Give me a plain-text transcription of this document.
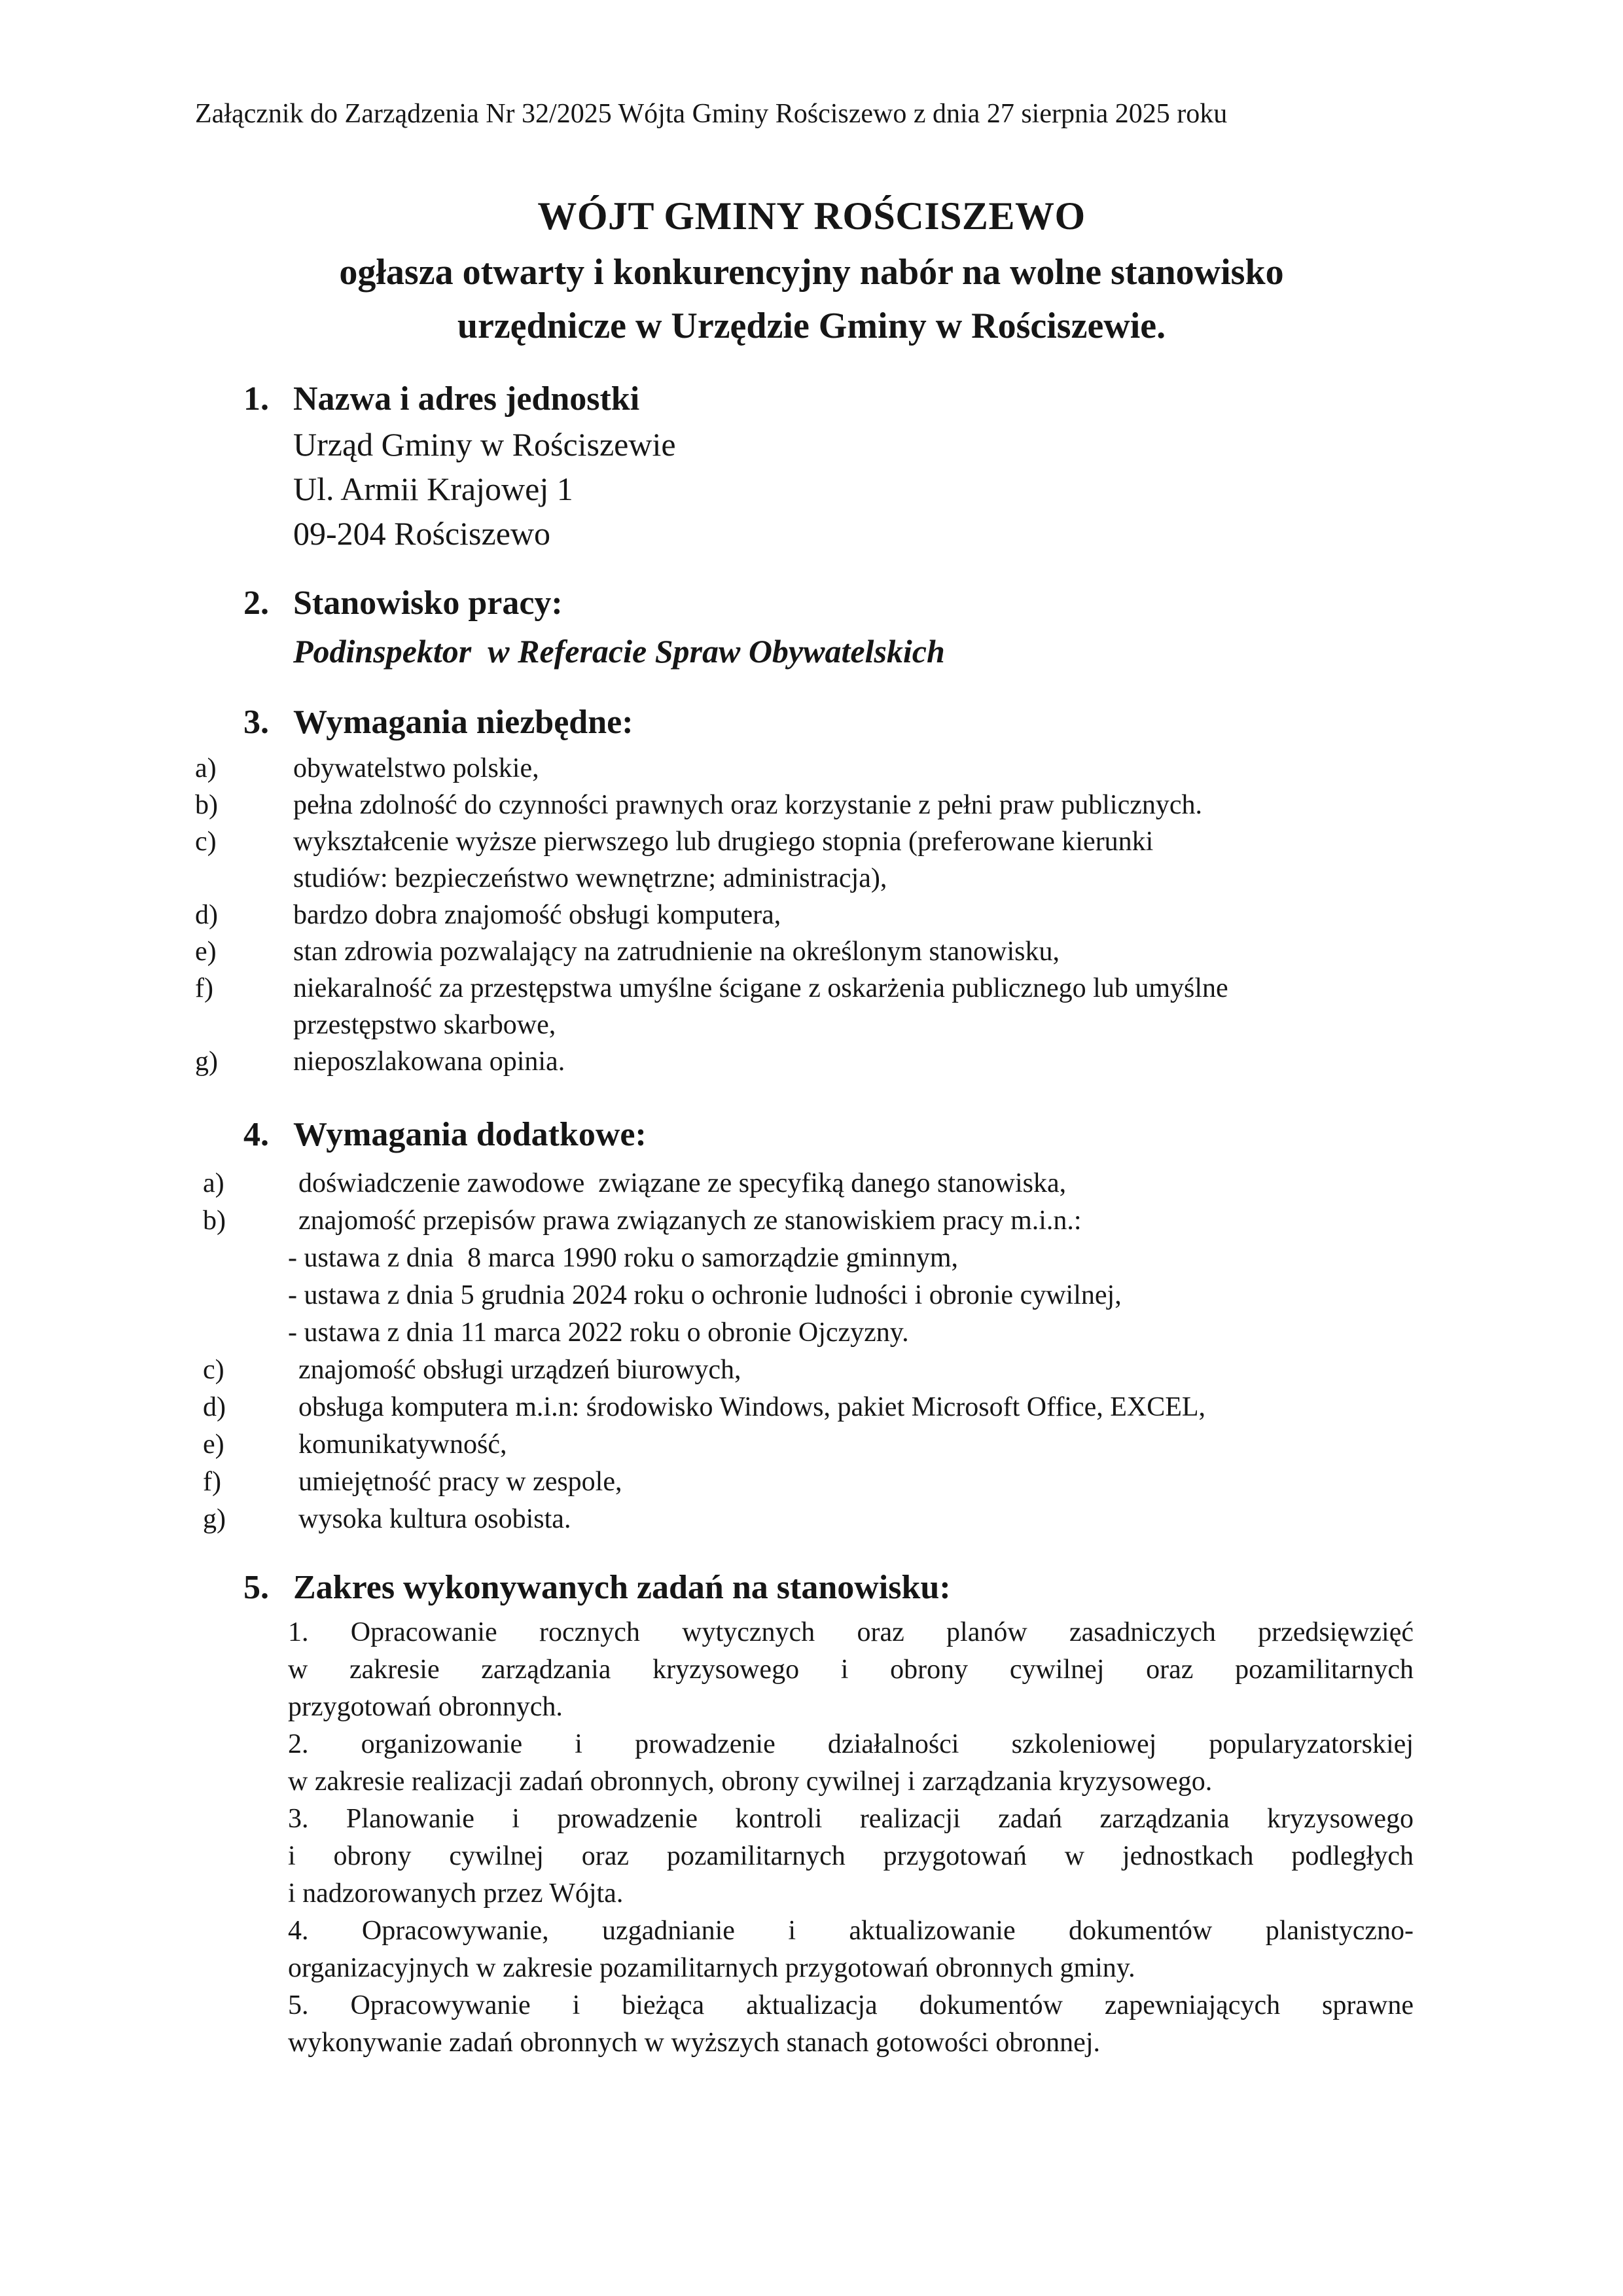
Załącznik do Zarządzenia Nr 32/2025 Wójta Gminy Rościszewo z dnia 27 sierpnia 2025 roku
WÓJT GMINY ROŚCISZEWO
ogłasza otwarty i konkurencyjny nabór na wolne stanowisko
urzędnicze w Urzędzie Gminy w Rościszewie.
1. Nazwa i adres jednostki
Urząd Gminy w Rościszewie
Ul. Armii Krajowej 1
09-204 Rościszewo
2. Stanowisko pracy:
Podinspektor  w Referacie Spraw Obywatelskich
3. Wymagania niezbędne:
a)	obywatelstwo polskie,
b)	pełna zdolność do czynności prawnych oraz korzystanie z pełni praw publicznych.
c)	wykształcenie wyższe pierwszego lub drugiego stopnia (preferowane kierunki
studiów: bezpieczeństwo wewnętrzne; administracja),
d)	bardzo dobra znajomość obsługi komputera,
e)	stan zdrowia pozwalający na zatrudnienie na określonym stanowisku,
f)	niekaralność za przestępstwa umyślne ścigane z oskarżenia publicznego lub umyślne
przestępstwo skarbowe,
g)	nieposzlakowana opinia.
4. Wymagania dodatkowe:
a)	doświadczenie zawodowe  związane ze specyfiką danego stanowiska,
b)	znajomość przepisów prawa związanych ze stanowiskiem pracy m.i.n.:
- ustawa z dnia  8 marca 1990 roku o samorządzie gminnym,
- ustawa z dnia 5 grudnia 2024 roku o ochronie ludności i obronie cywilnej,
- ustawa z dnia 11 marca 2022 roku o obronie Ojczyzny.
c)	znajomość obsługi urządzeń biurowych,
d)	obsługa komputera m.i.n: środowisko Windows, pakiet Microsoft Office, EXCEL,
e)	komunikatywność,
f)	umiejętność pracy w zespole,
g)	wysoka kultura osobista.
5. Zakres wykonywanych zadań na stanowisku:
1. Opracowanie rocznych wytycznych oraz planów zasadniczych przedsięwzięć
w zakresie zarządzania kryzysowego i obrony cywilnej oraz pozamilitarnych
przygotowań obronnych.
2. organizowanie i prowadzenie działalności szkoleniowej popularyzatorskiej
w zakresie realizacji zadań obronnych, obrony cywilnej i zarządzania kryzysowego.
3. Planowanie i prowadzenie kontroli realizacji zadań zarządzania kryzysowego
i obrony cywilnej oraz pozamilitarnych przygotowań w jednostkach podległych
i nadzorowanych przez Wójta.
4. Opracowywanie, uzgadnianie i aktualizowanie dokumentów planistyczno-
organizacyjnych w zakresie pozamilitarnych przygotowań obronnych gminy.
5. Opracowywanie i bieżąca aktualizacja dokumentów zapewniających sprawne
wykonywanie zadań obronnych w wyższych stanach gotowości obronnej.
